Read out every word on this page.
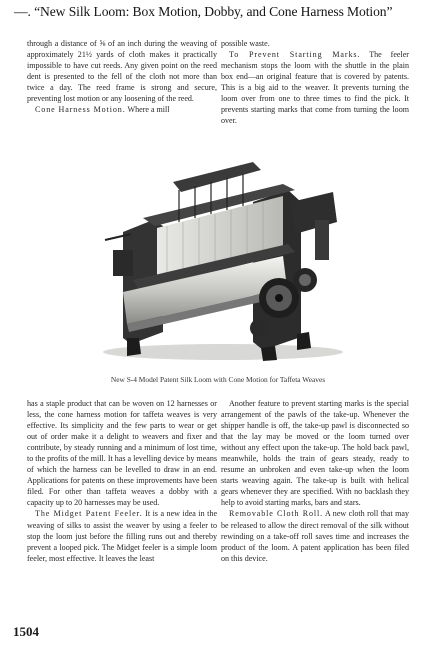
—. “New Silk Loom: Box Motion, Dobby, and Cone Harness Motion”

through a distance of ⅝ of an inch during the weaving of approximately 21½ yards of cloth makes it practically impossible to have cut reeds. Any given point on the reed dent is presented to the fell of the cloth not more than twice a day. The reed frame is strong and secure, preventing lost motion or any loosening of the reed.

Cone Harness Motion. Where a mill

possible waste.

To Prevent Starting Marks. The feeler mechanism stops the loom with the shuttle in the plain box end—an original feature that is covered by patents. This is a big aid to the weaver. It prevents turning the loom over from one to three times to find the pick. It prevents starting marks that come from turning the loom over.

New S-4 Model Patent Silk Loom with Cone Motion for Taffeta Weaves

has a staple product that can be woven on 12 harnesses or less, the cone harness motion for taffeta weaves is very effective. Its simplicity and the few parts to wear or get out of order make it a delight to weavers and fixer and contribute, by steady running and a minimum of lost time, to the profits of the mill. It has a levelling device by means of which the harness can be levelled to draw in an end. Applications for patents on these improvements have been filed. For other than taffeta weaves a dobby with a capacity up to 20 harnesses may be used.

The Midget Patent Feeler. It is a new idea in the weaving of silks to assist the weaver by using a feeler to stop the loom just before the filling runs out and thereby prevent a looped pick. The Midget feeler is a simple loom feeler, most effective. It leaves the least

Another feature to prevent starting marks is the special arrangement of the pawls of the take-up. Whenever the shipper handle is off, the take-up pawl is disconnected so that the lay may be moved or the loom turned over without any effect upon the take-up. The hold back pawl, meanwhile, holds the train of gears steady, ready to resume an unbroken and even take-up when the loom starts weaving again. The take-up is built with helical gears whenever they are specified. With no backlash they help to avoid starting marks, bars and stars.

Removable Cloth Roll. A new cloth roll that may be released to allow the direct removal of the silk without rewinding on a take-off roll saves time and increases the product of the loom. A patent application has been filed on this device.

1504
